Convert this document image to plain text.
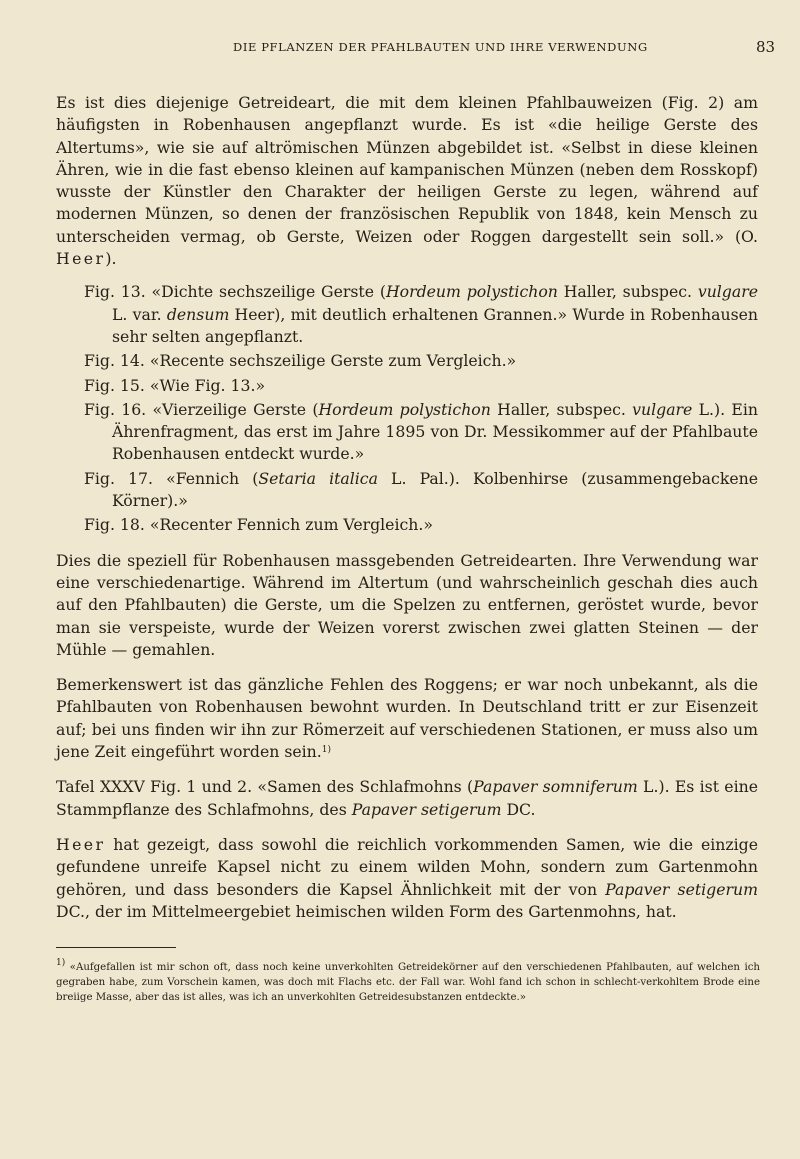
DIE PFLANZEN DER PFAHLBAUTEN UND IHRE VERWENDUNG	83

Es ist dies diejenige Getreideart, die mit dem kleinen Pfahlbauweizen (Fig. 2) am häufigsten in Robenhausen angepflanzt wurde. Es ist «die heilige Gerste des Altertums», wie sie auf altrömischen Münzen abgebildet ist. «Selbst in diese kleinen Ähren, wie in die fast ebenso kleinen auf kampanischen Münzen (neben dem Rosskopf) wusste der Künstler den Charakter der heiligen Gerste zu legen, während auf modernen Münzen, so denen der französischen Republik von 1848, kein Mensch zu unterscheiden vermag, ob Gerste, Weizen oder Roggen dargestellt sein soll.» (O. Heer).

Fig. 13. «Dichte sechszeilige Gerste (Hordeum polystichon Haller, subspec. vulgare L. var. densum Heer), mit deutlich erhaltenen Grannen.» Wurde in Robenhausen sehr selten angepflanzt.

Fig. 14. «Recente sechszeilige Gerste zum Vergleich.»

Fig. 15. «Wie Fig. 13.»

Fig. 16. «Vierzeilige Gerste (Hordeum polystichon Haller, subspec. vulgare L.). Ein Ährenfragment, das erst im Jahre 1895 von Dr. Messikommer auf der Pfahlbaute Robenhausen entdeckt wurde.»

Fig. 17. «Fennich (Setaria italica L. Pal.). Kolbenhirse (zusammengebackene Körner).»

Fig. 18. «Recenter Fennich zum Vergleich.»

Dies die speziell für Robenhausen massgebenden Getreidearten. Ihre Verwendung war eine verschiedenartige. Während im Altertum (und wahrscheinlich geschah dies auch auf den Pfahlbauten) die Gerste, um die Spelzen zu entfernen, geröstet wurde, bevor man sie verspeiste, wurde der Weizen vorerst zwischen zwei glatten Steinen — der Mühle — gemahlen.

Bemerkenswert ist das gänzliche Fehlen des Roggens; er war noch unbekannt, als die Pfahlbauten von Robenhausen bewohnt wurden. In Deutschland tritt er zur Eisenzeit auf; bei uns finden wir ihn zur Römerzeit auf verschiedenen Stationen, er muss also um jene Zeit eingeführt worden sein.$^{1)}$

Tafel XXXV Fig. 1 und 2. «Samen des Schlafmohns (Papaver somniferum L.). Es ist eine Stammpflanze des Schlafmohns, des Papaver setigerum DC.

Heer hat gezeigt, dass sowohl die reichlich vorkommenden Samen, wie die einzige gefundene unreife Kapsel nicht zu einem wilden Mohn, sondern zum Gartenmohn gehören, und dass besonders die Kapsel Ähnlichkeit mit der von Papaver setigerum DC., der im Mittelmeergebiet heimischen wilden Form des Gartenmohns, hat.

$^{1)}$ «Aufgefallen ist mir schon oft, dass noch keine unverkohlten Getreidekörner auf den verschiedenen Pfahlbauten, auf welchen ich gegraben habe, zum Vorschein kamen, was doch mit Flachs etc. der Fall war. Wohl fand ich schon in schlecht-verkohltem Brode eine breiige Masse, aber das ist alles, was ich an unverkohlten Getreidesubstanzen entdeckte.»
